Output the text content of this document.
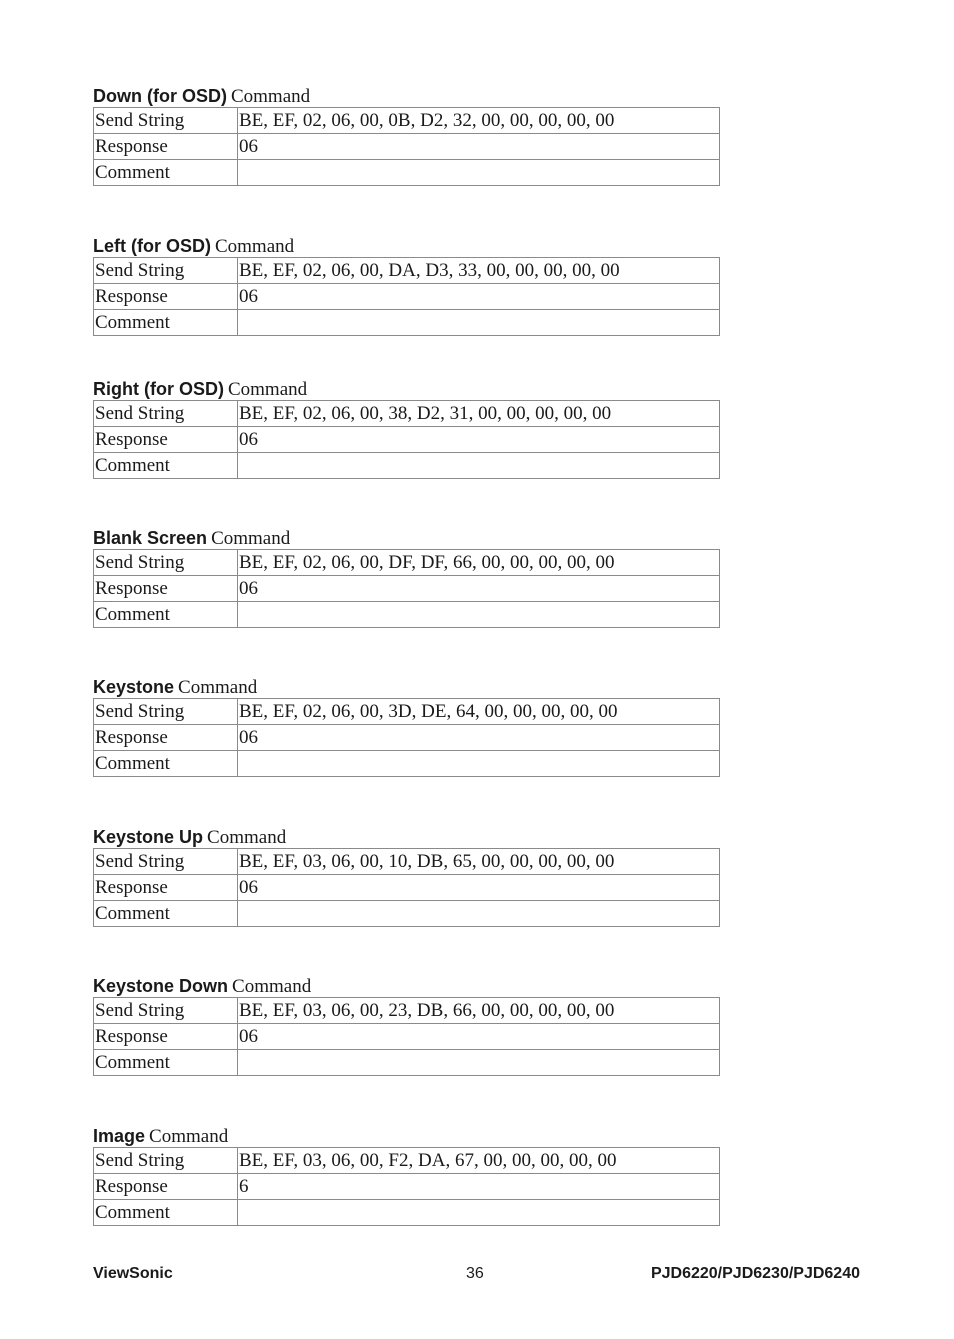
Down (for OSD) Command
Send String	BE, EF, 02, 06, 00, 0B, D2, 32, 00, 00, 00, 00, 00
Response	06
Comment	
Left (for OSD) Command
Send String	BE, EF, 02, 06, 00, DA, D3, 33, 00, 00, 00, 00, 00
Response	06
Comment	
Right (for OSD) Command
Send String	BE, EF, 02, 06, 00, 38, D2, 31, 00, 00, 00, 00, 00
Response	06
Comment	
Blank Screen Command
Send String	BE, EF, 02, 06, 00, DF, DF, 66, 00, 00, 00, 00, 00
Response	06
Comment	
Keystone Command
Send String	BE, EF, 02, 06, 00, 3D, DE, 64, 00, 00, 00, 00, 00
Response	06
Comment	
Keystone Up Command
Send String	BE, EF, 03, 06, 00, 10, DB, 65, 00, 00, 00, 00, 00
Response	06
Comment	
Keystone Down Command
Send String	BE, EF, 03, 06, 00, 23, DB, 66, 00, 00, 00, 00, 00
Response	06
Comment	
Image Command
Send String	BE, EF, 03, 06, 00, F2, DA, 67, 00, 00, 00, 00, 00
Response	6
Comment	
ViewSonic	36	PJD6220/PJD6230/PJD6240
